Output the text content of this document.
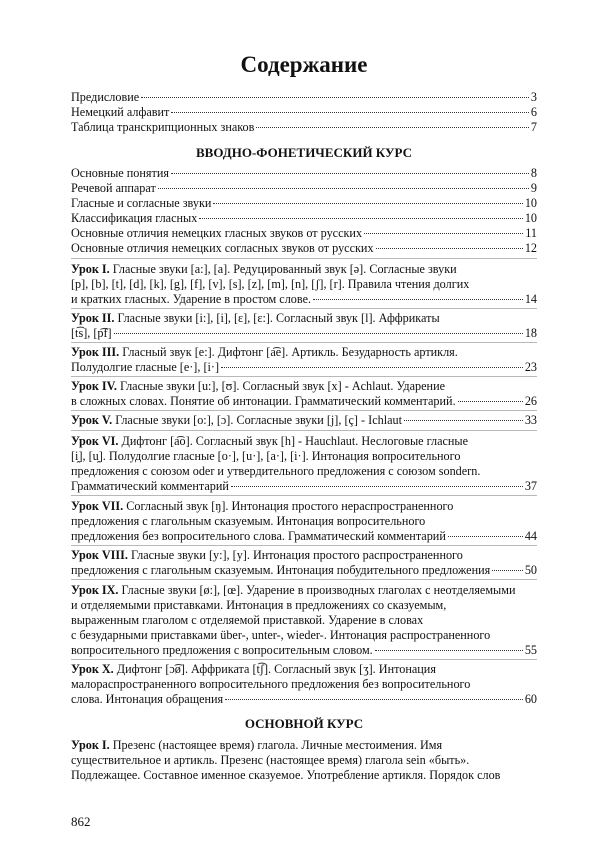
Содержание
Предисловие	3
Немецкий алфавит	6
Таблица транскрипционных знаков	7
ВВОДНО-ФОНЕТИЧЕСКИЙ КУРС
Основные понятия	8
Речевой аппарат	9
Гласные и согласные звуки	10
Классификация гласных	10
Основные отличия немецких гласных звуков от русских	11
Основные отличия немецких согласных звуков от русских	12
Урок I. Гласные звуки [a:], [a]. Редуцированный звук [ə]. Согласные звуки
[p], [b], [t], [d], [k], [g], [f], [v], [s], [z], [m], [n], [ʃ], [r]. Правила чтения долгих
и кратких гласных. Ударение в простом слове.	14
Урок II. Гласные звуки [i:], [i], [ɛ], [ɛ:]. Согласный звук [l]. Аффрикаты
[t͡s], [p͡f]	18
Урок III. Гласный звук [e:]. Дифтонг [a͡e]. Артикль. Безударность артикля.
Полудолгие гласные [e·], [i·]	23
Урок IV. Гласные звуки [u:], [ʊ]. Согласный звук [x] - Achlaut. Ударение
в сложных словах. Понятие об интонации. Грамматический комментарий.	26
Урок V.
Гласные звуки [o:], [ɔ]. Согласные звуки [j], [ç] - Ichlaut	33
Урок VI. Дифтонг [a͡o]. Согласный звук [h] - Hauchlaut. Неслоговые гласные
[i̯], [u̯]. Полудолгие гласные [o·], [u·], [a·], [i·]. Интонация вопросительного
предложения с союзом oder и утвердительного предложения с союзом sondern.
Грамматический комментарий	37
Урок VII. Согласный звук [ŋ]. Интонация простого нераспространенного
предложения с глагольным сказуемым. Интонация вопросительного
предложения без вопросительного слова. Грамматический комментарий	44
Урок VIII. Гласные звуки [y:], [y]. Интонация простого распространенного
предложения с глагольным сказуемым. Интонация побудительного предложения	50
Урок IX. Гласные звуки [ø:], [œ]. Ударение в производных глаголах с неотделяемыми
и отделяемыми приставками. Интонация в предложениях со сказуемым,
выраженным глаголом с отделяемой приставкой. Ударение в словах
с безударными приставками über-, unter-, wieder-. Интонация распространенного
вопросительного предложения с вопросительным словом.	55
Урок X. Дифтонг [ɔ͡ø]. Аффриката [t͡ʃ]. Согласный звук [ʒ]. Интонация
малораспространенного вопросительного предложения без вопросительного
слова. Интонация обращения	60
ОСНОВНОЙ КУРС
Урок I. Презенс (настоящее время) глагола. Личные местоимения. Имя
существительное и артикль. Презенс (настоящее время) глагола sein «быть».
Подлежащее. Составное именное сказуемое. Употребление артикля. Порядок слов
862
